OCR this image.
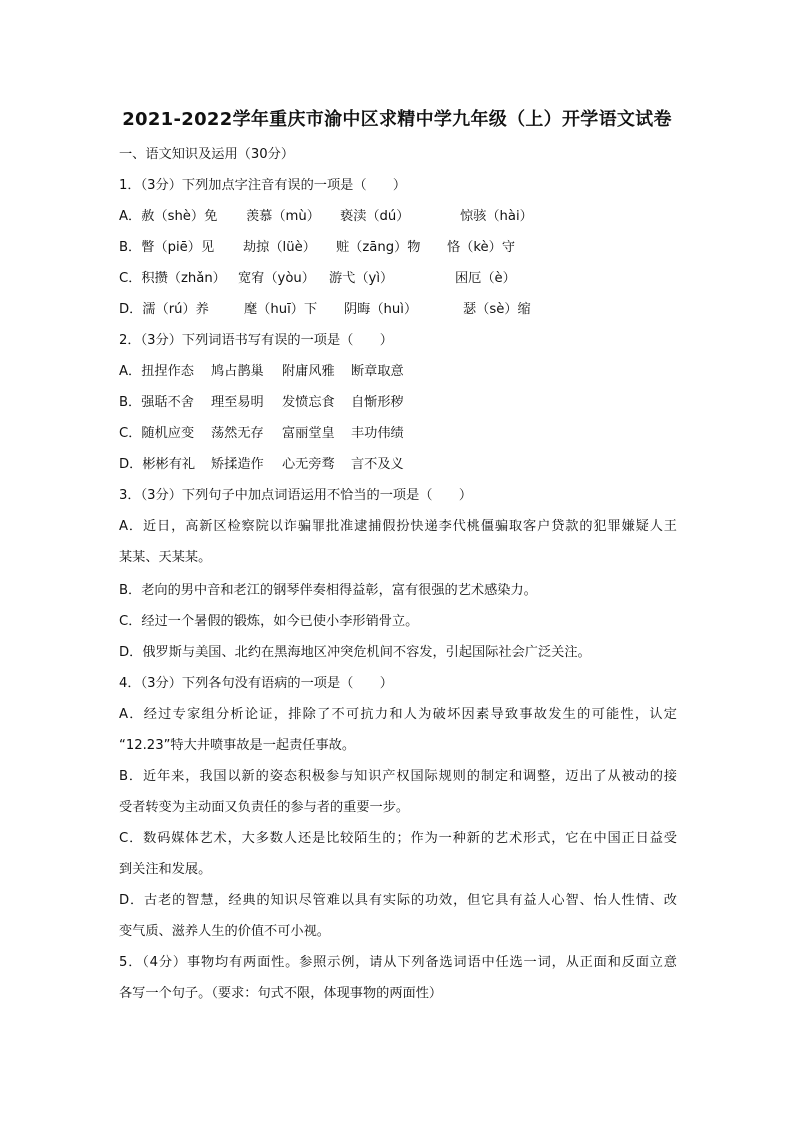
2021-2022学年重庆市渝中区求精中学九年级（上）开学语文试卷
一、语文知识及运用（30分）
1．（3分）下列加点字注音有误的一项是（　　）
A．赦（shè）免 羡慕（mù） 亵渎（dú）	惊骇（hài）
B．瞥（piē）见 劫掠（lüè） 赃（zāng）物 恪（kè）守
C．积攒（zhǎn） 宽宥（yòu） 游弋（yì）	困厄（è）
D．濡（rú）养	麾（huī）下 阴晦（huì）	瑟（sè）缩
2．（3分）下列词语书写有误的一项是（　　）
A．扭捏作态 鸠占鹊巢 附庸风雅 断章取意
B．强聒不舍 理至易明 发愤忘食 自惭形秽
C．随机应变 荡然无存 富丽堂皇 丰功伟绩
D．彬彬有礼 矫揉造作 心无旁骛 言不及义
3．（3分）下列句子中加点词语运用不恰当的一项是（　　）
A．近日，高新区检察院以诈骗罪批准逮捕假扮快递李代桃僵骗取客户贷款的犯罪嫌疑人王
某某、天某某。
B．老向的男中音和老江的钢琴伴奏相得益彰，富有很强的艺术感染力。
C．经过一个暑假的锻炼，如今已使小李形销骨立。
D．俄罗斯与美国、北约在黑海地区冲突危机间不容发，引起国际社会广泛关注。
4．（3分）下列各句没有语病的一项是（　　）
A．经过专家组分析论证，排除了不可抗力和人为破坏因素导致事故发生的可能性，认定
“12.23”特大井喷事故是一起责任事故。
B．近年来，我国以新的姿态积极参与知识产权国际规则的制定和调整，迈出了从被动的接
受者转变为主动面又负责任的参与者的重要一步。
C．数码媒体艺术，大多数人还是比较陌生的；作为一种新的艺术形式，它在中国正日益受
到关注和发展。
D．古老的智慧，经典的知识尽管难以具有实际的功效，但它具有益人心智、怡人性情、改
变气质、滋养人生的价值不可小视。
5．（4分）事物均有两面性。参照示例，请从下列备选词语中任选一词，从正面和反面立意
各写一个句子。（要求：句式不限，体现事物的两面性）
